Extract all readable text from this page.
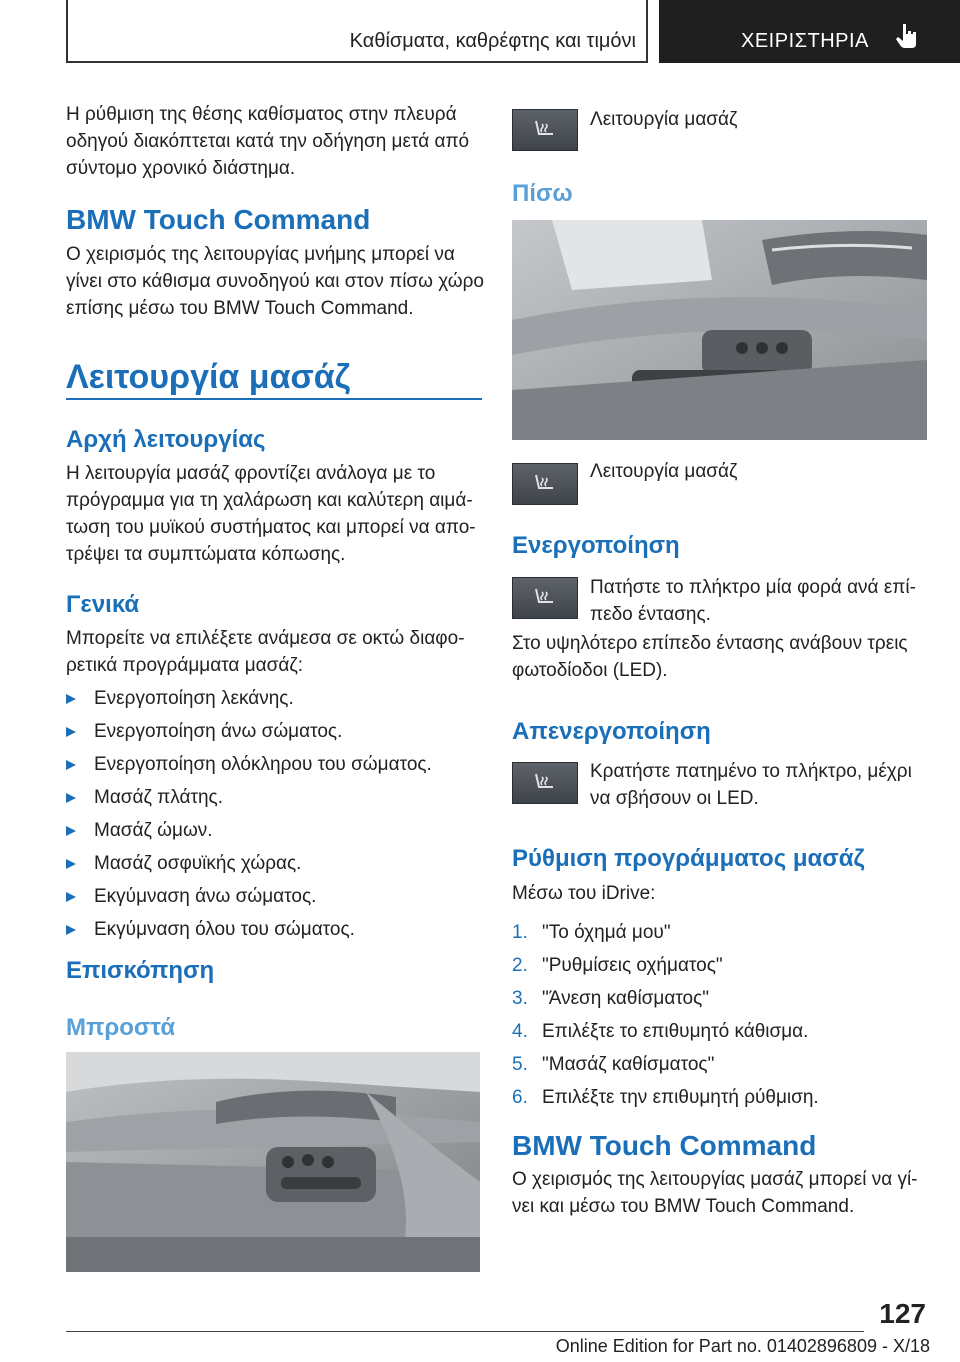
Καθίσματα, καθρέφτης και τιμόνι	ΧΕΙΡΙΣΤΗΡΙΑ
Η ρύθμιση της θέσης καθίσματος στην πλευρά
οδηγού διακόπτεται κατά την οδήγηση μετά από
σύντομο χρονικό διάστημα.
BMW Touch Command
Ο χειρισμός της λειτουργίας μνήμης μπορεί να
γίνει στο κάθισμα συνοδηγού και στον πίσω χώρο
επίσης μέσω του BMW Touch Command.
Λειτουργία μασάζ
Αρχή λειτουργίας
Η λειτουργία μασάζ φροντίζει ανάλογα με το
πρόγραμμα για τη χαλάρωση και καλύτερη αιμά-
τωση του μυϊκού συστήματος και μπορεί να απο-
τρέψει τα συμπτώματα κόπωσης.
Γενικά
Μπορείτε να επιλέξετε ανάμεσα σε οκτώ διαφο-
ρετικά προγράμματα μασάζ:
Ενεργοποίηση λεκάνης.
Ενεργοποίηση άνω σώματος.
Ενεργοποίηση ολόκληρου του σώματος.
Μασάζ πλάτης.
Μασάζ ώμων.
Μασάζ οσφυϊκής χώρας.
Εκγύμναση άνω σώματος.
Εκγύμναση όλου του σώματος.
Επισκόπηση
Μπροστά
Λειτουργία μασάζ
Πίσω
Λειτουργία μασάζ
Ενεργοποίηση
Πατήστε το πλήκτρο μία φορά ανά επί-
πεδο έντασης.
Στο υψηλότερο επίπεδο έντασης ανάβουν τρεις
φωτοδίοδοι (LED).
Απενεργοποίηση
Κρατήστε πατημένο το πλήκτρο, μέχρι
να σβήσουν οι LED.
Ρύθμιση προγράμματος μασάζ
Μέσω του iDrive:
1. "Το όχημά μου"
2. "Ρυθμίσεις οχήματος"
3. "Άνεση καθίσματος"
4. Επιλέξτε το επιθυμητό κάθισμα.
5. "Μασάζ καθίσματος"
6. Επιλέξτε την επιθυμητή ρύθμιση.
BMW Touch Command
Ο χειρισμός της λειτουργίας μασάζ μπορεί να γί-
νει και μέσω του BMW Touch Command.
127
Online Edition for Part no. 01402896809 - X/18
